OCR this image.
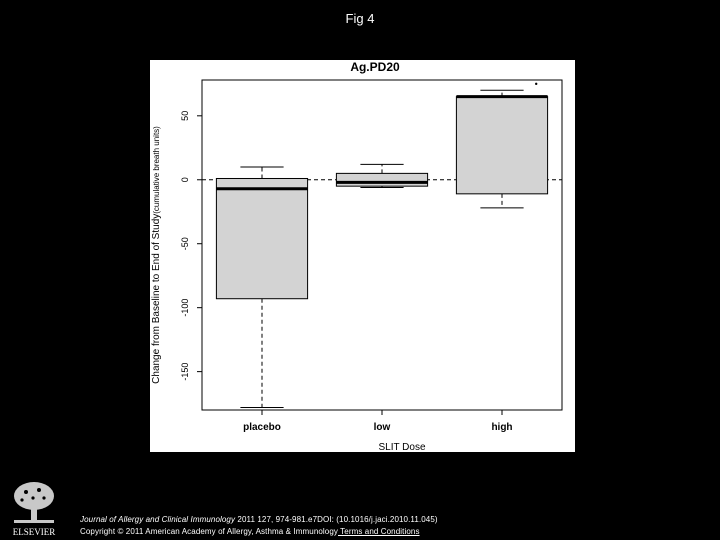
Fig 4
Ag.PD20
Change from Baseline to End of Study(cumulative breath units)
SLIT Dose
50
0
-50
-100
-150
placebo	low	high
ELSEVIER
Journal of Allergy and Clinical Immunology 2011 127, 974-981.e7DOI: (10.1016/j.jaci.2010.11.045)
Copyright © 2011 American Academy of Allergy, Asthma & Immunology Terms and Conditions
